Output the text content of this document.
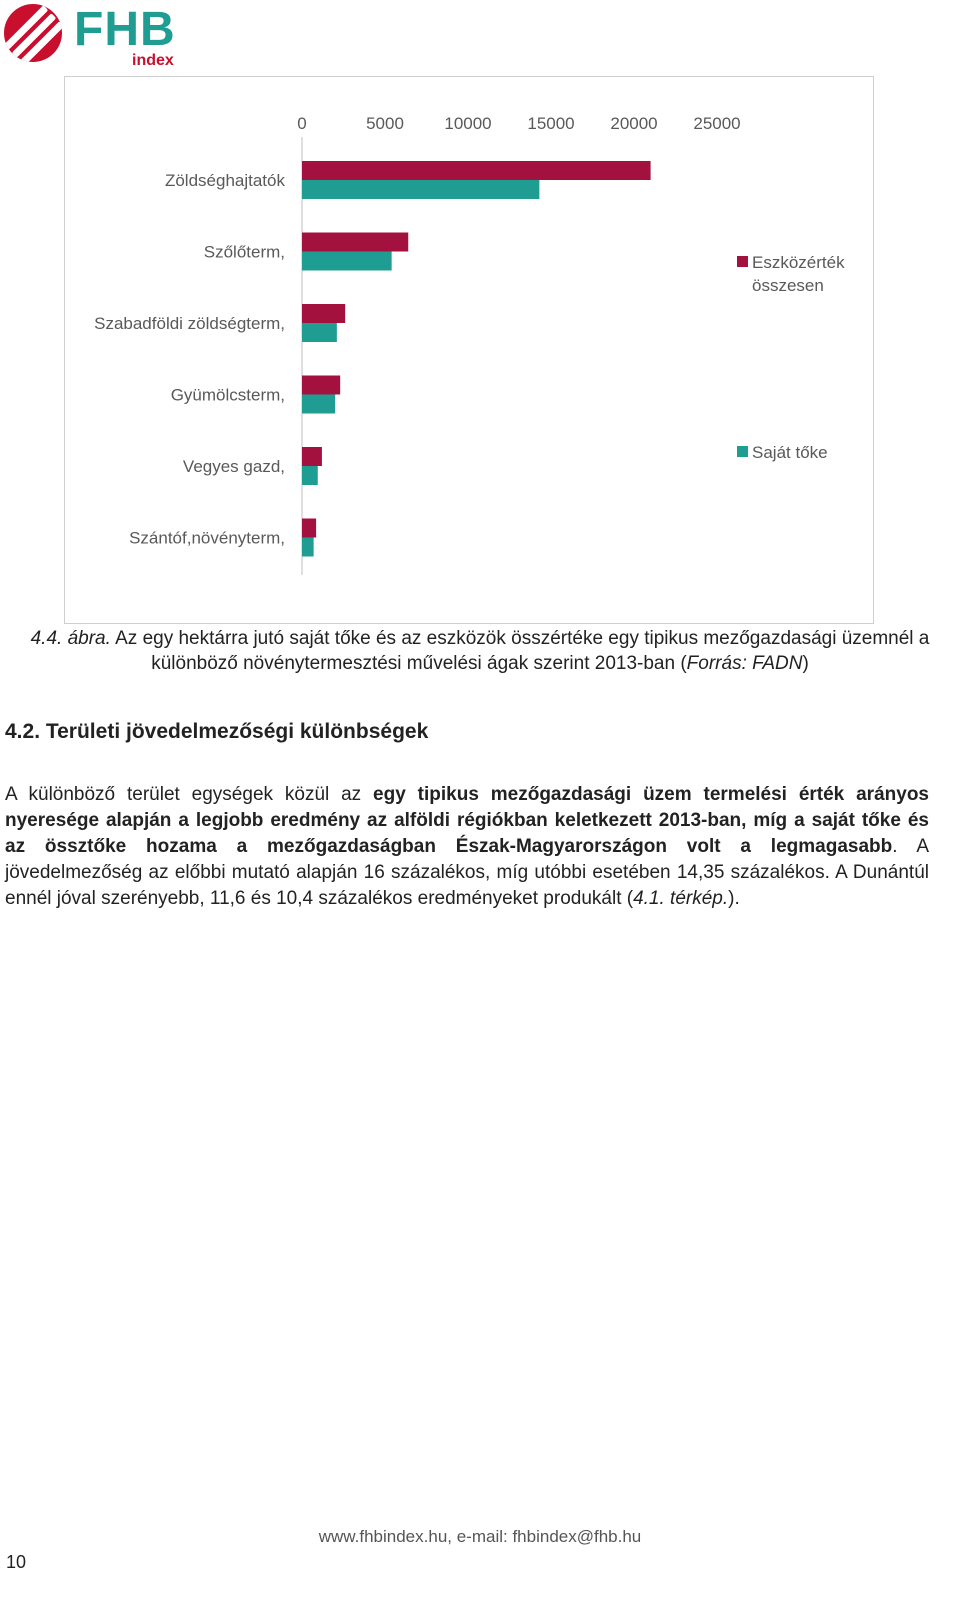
FHB
index
0	5000 10000 15000 20000 25000
Zöldséghajtatók
Szőlőterm,
Szabadföldi zöldségterm,
Gyümölcsterm,
Vegyes gazd,
Szántóf,növényterm,
Eszközérték
összesen
Saját tőke
4.4. ábra. Az egy hektárra jutó saját tőke és az eszközök összértéke egy tipikus mezőgazdasági üzemnél a különböző növénytermesztési művelési ágak szerint 2013-ban (Forrás: FADN)
4.2. Területi jövedelmezőségi különbségek
A különböző terület egységek közül az egy tipikus mezőgazdasági üzem termelési érték arányos nyeresége alapján a legjobb eredmény az alföldi régiókban keletkezett 2013-ban, míg a saját tőke és az össztőke hozama a mezőgazdaságban Észak-Magyarországon volt a legmagasabb. A jövedelmezőség az előbbi mutató alapján 16 százalékos, míg utóbbi esetében 14,35 százalékos. A Dunántúl ennél jóval szerényebb, 11,6 és 10,4 százalékos eredményeket produkált (4.1. térkép.).
www.fhbindex.hu, e-mail: fhbindex@fhb.hu
10
